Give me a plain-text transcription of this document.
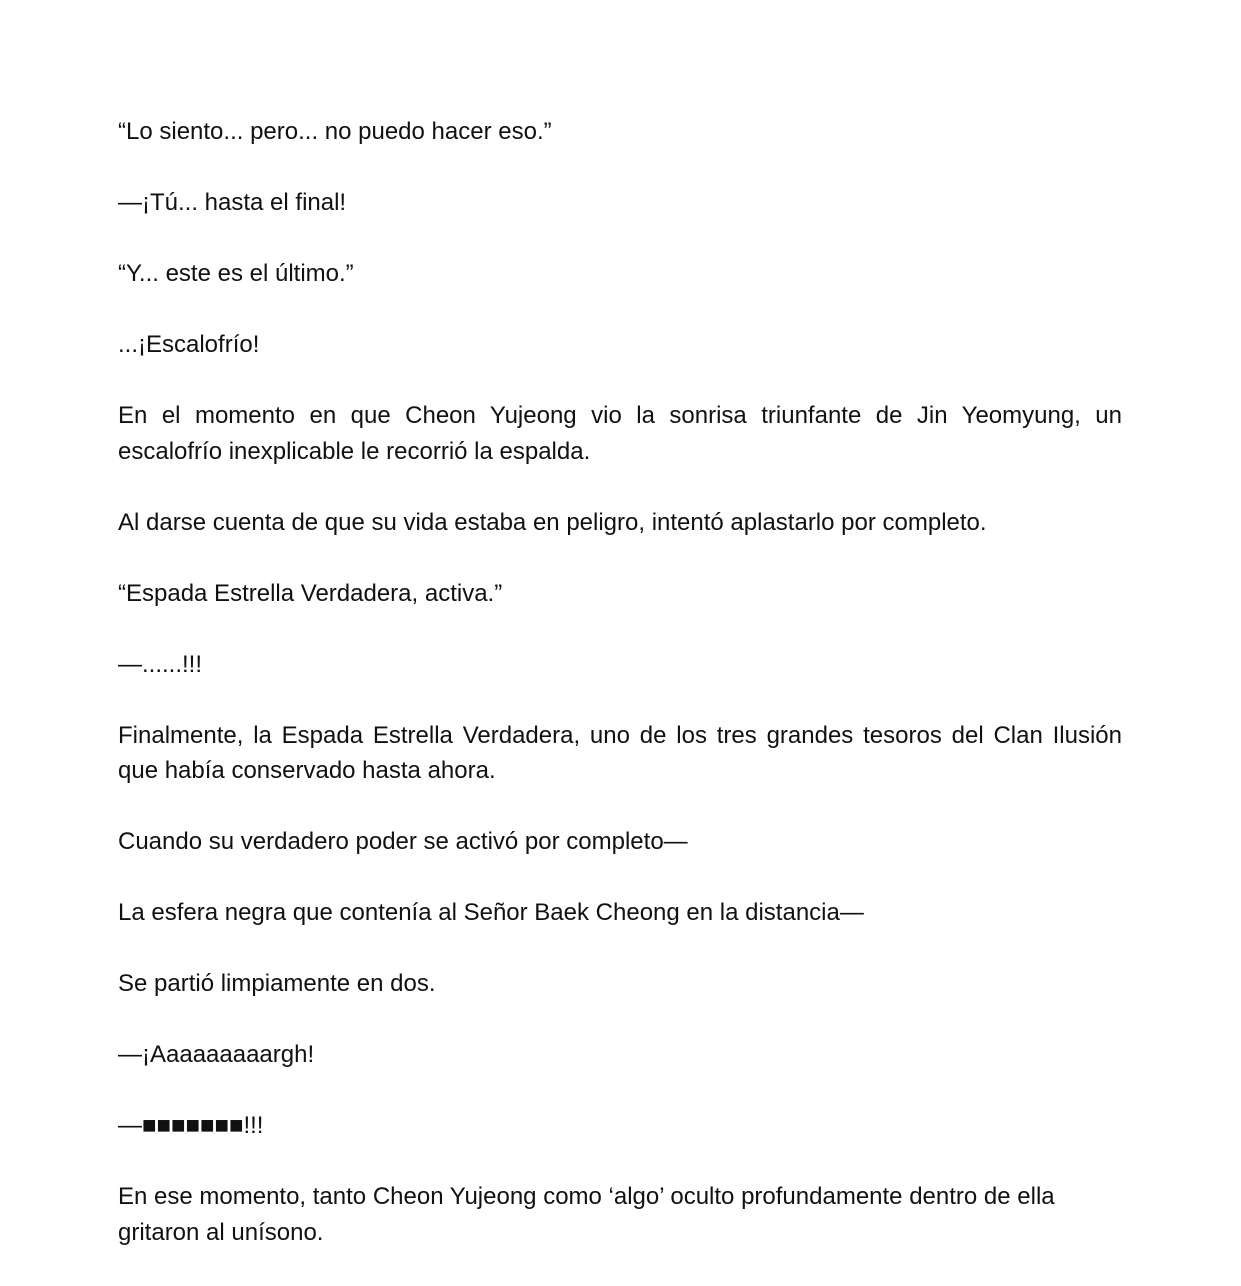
“Lo siento... pero... no puedo hacer eso.”

—¡Tú... hasta el final!

“Y... este es el último.”

...¡Escalofrío!

En el momento en que Cheon Yujeong vio la sonrisa triunfante de Jin Yeomyung, un escalofrío inexplicable le recorrió la espalda.

Al darse cuenta de que su vida estaba en peligro, intentó aplastarlo por completo.

“Espada Estrella Verdadera, activa.”

—......!!!

Finalmente, la Espada Estrella Verdadera, uno de los tres grandes tesoros del Clan Ilusión que había conservado hasta ahora.

Cuando su verdadero poder se activó por completo—

La esfera negra que contenía al Señor Baek Cheong en la distancia—

Se partió limpiamente en dos.

—¡Aaaaaaaaargh!

—■■■■■■■!!!

En ese momento, tanto Cheon Yujeong como ‘algo’ oculto profundamente dentro de ella gritaron al unísono.
